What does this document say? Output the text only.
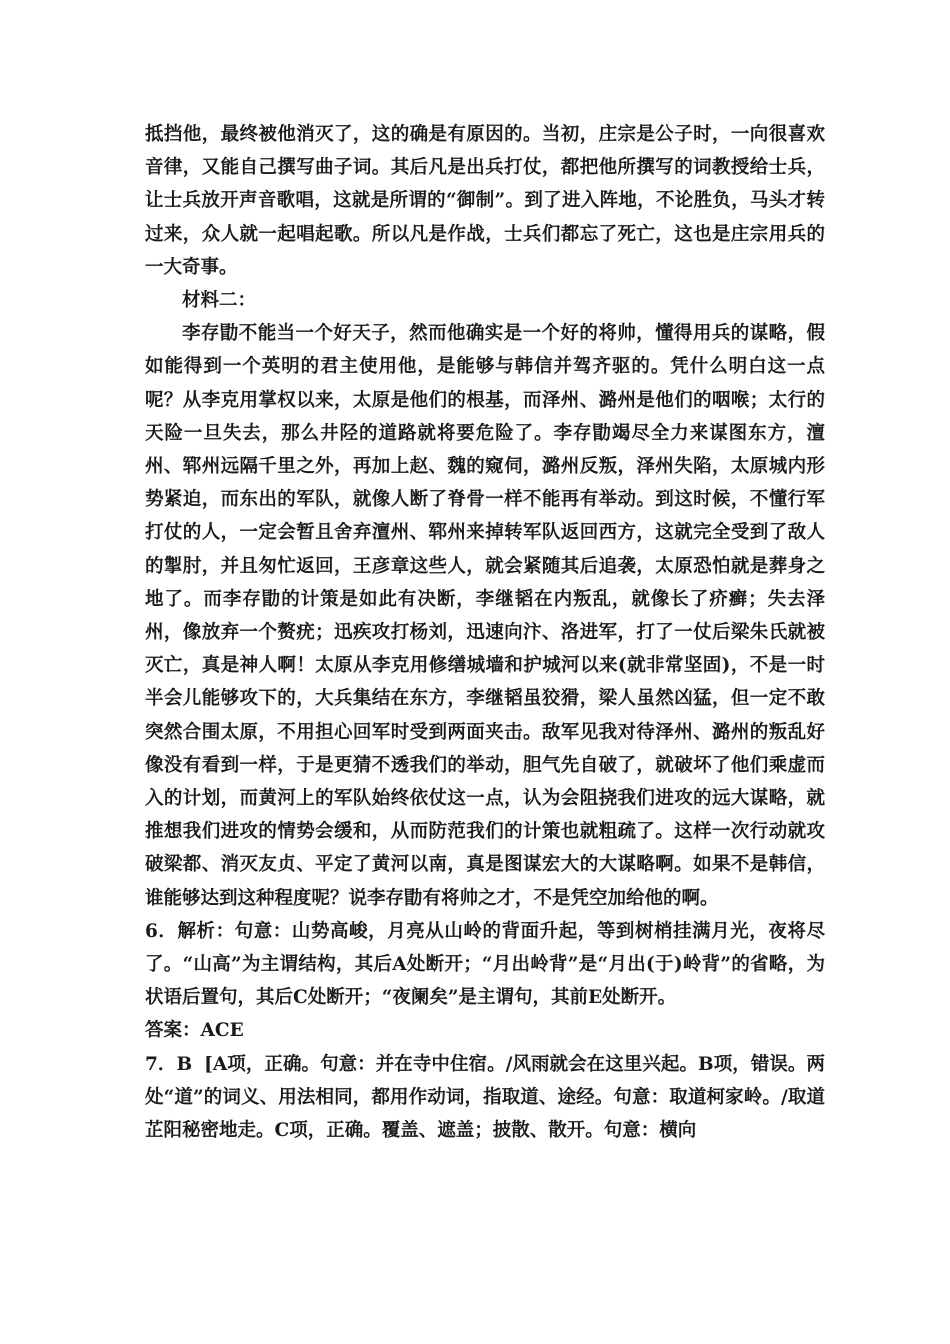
抵挡他，最终被他消灭了，这的确是有原因的。当初，庄宗是公子时，一向很喜欢音律，又能自己撰写曲子词。其后凡是出兵打仗，都把他所撰写的词教授给士兵，让士兵放开声音歌唱，这就是所谓的“御制”。到了进入阵地，不论胜负，马头才转过来，众人就一起唱起歌。所以凡是作战，士兵们都忘了死亡，这也是庄宗用兵的一大奇事。

材料二：

李存勖不能当一个好天子，然而他确实是一个好的将帅，懂得用兵的谋略，假如能得到一个英明的君主使用他，是能够与韩信并驾齐驱的。凭什么明白这一点呢？从李克用掌权以来，太原是他们的根基，而泽州、潞州是他们的咽喉；太行的天险一旦失去，那么井陉的道路就将要危险了。李存勖竭尽全力来谋图东方，澶州、郓州远隔千里之外，再加上赵、魏的窥伺，潞州反叛，泽州失陷，太原城内形势紧迫，而东出的军队，就像人断了脊骨一样不能再有举动。到这时候，不懂行军打仗的人，一定会暂且舍弃澶州、郓州来掉转军队返回西方，这就完全受到了敌人的掣肘，并且匆忙返回，王彦章这些人，就会紧随其后追袭，太原恐怕就是葬身之地了。而李存勖的计策是如此有决断，李继韬在内叛乱，就像长了疥癣；失去泽州，像放弃一个赘疣；迅疾攻打杨刘，迅速向汴、洛进军，打了一仗后梁朱氏就被灭亡，真是神人啊！太原从李克用修缮城墙和护城河以来(就非常坚固)，不是一时半会儿能够攻下的，大兵集结在东方，李继韬虽狡猾，梁人虽然凶猛，但一定不敢突然合围太原，不用担心回军时受到两面夹击。敌军见我对待泽州、潞州的叛乱好像没有看到一样，于是更猜不透我们的举动，胆气先自破了，就破坏了他们乘虚而入的计划，而黄河上的军队始终依仗这一点，认为会阻挠我们进攻的远大谋略，就推想我们进攻的情势会缓和，从而防范我们的计策也就粗疏了。这样一次行动就攻破梁都、消灭友贞、平定了黄河以南，真是图谋宏大的大谋略啊。如果不是韩信，谁能够达到这种程度呢？说李存勖有将帅之才，不是凭空加给他的啊。

6．解析：句意：山势高峻，月亮从山岭的背面升起，等到树梢挂满月光，夜将尽了。“山高”为主谓结构，其后A处断开；“月出岭背”是“月出(于)岭背”的省略，为状语后置句，其后C处断开；“夜阑矣”是主谓句，其前E处断开。

答案：ACE

7．B [A项，正确。句意：并在寺中住宿。/风雨就会在这里兴起。B项，错误。两处“道”的词义、用法相同，都用作动词，指取道、途经。句意：取道柯家岭。/取道芷阳秘密地走。C项，正确。覆盖、遮盖；披散、散开。句意：横向
